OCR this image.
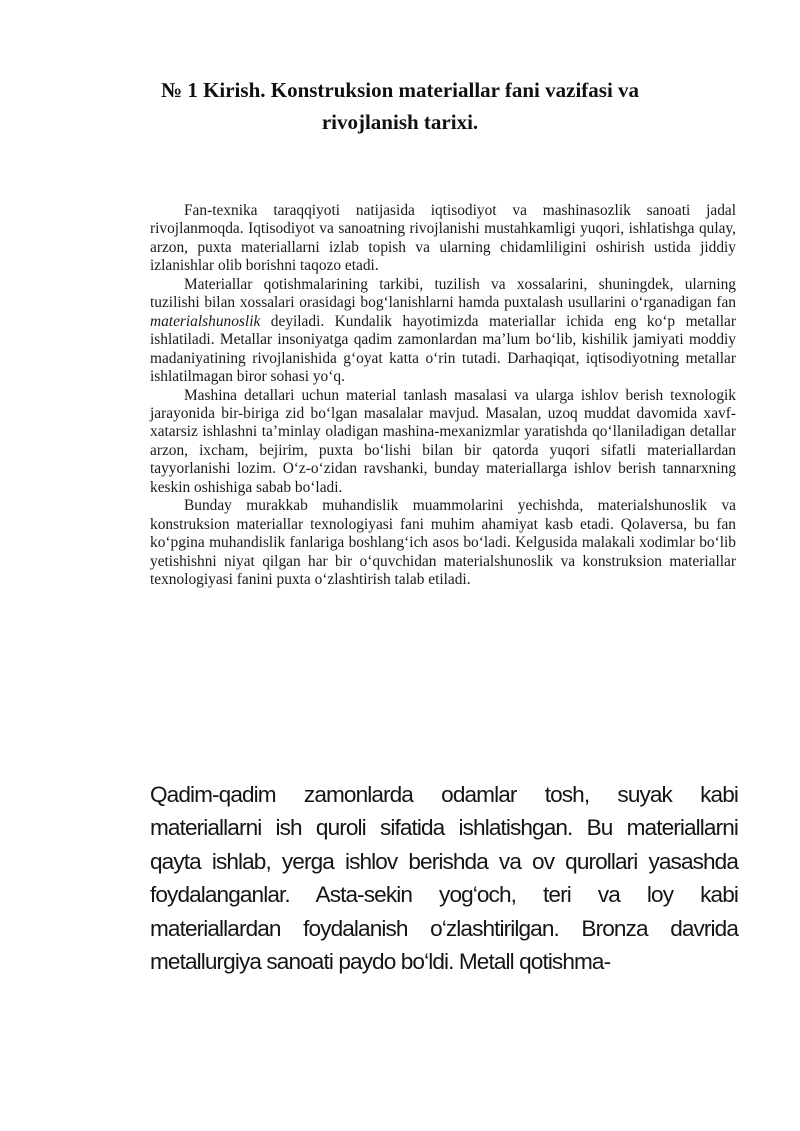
№ 1 Kirish. Konstruksion materiallar fani vazifasi va
rivojlanish tarixi.

Fan-texnika taraqqiyoti natijasida iqtisodiyot va mashinasozlik sanoati jadal rivojlanmoqda. Iqtisodiyot va sanoatning rivojlanishi mustahkamligi yuqori, ishlatishga qulay, arzon, puxta materiallarni izlab topish va ularning chidamliligini oshirish ustida jiddiy izlanishlar olib borishni taqozo etadi.

Materiallar qotishmalarining tarkibi, tuzilish va xossalarini, shuningdek, ularning tuzilishi bilan xossalari orasidagi bog‘lanishlarni hamda puxtalash usullarini o‘rganadigan fan materialshunoslik deyiladi. Kundalik hayotimizda materiallar ichida eng ko‘p metallar ishlatiladi. Metallar insoniyatga qadim zamonlardan ma’lum bo‘lib, kishilik jamiyati moddiy madaniyatining rivojlanishida g‘oyat katta o‘rin tutadi. Darhaqiqat, iqtisodiyotning metallar ishlatilmagan biror sohasi yo‘q.

Mashina detallari uchun material tanlash masalasi va ularga ishlov berish texnologik jarayonida bir-biriga zid bo‘lgan masalalar mavjud. Masalan, uzoq muddat davomida xavf-xatarsiz ishlashni ta’minlay oladigan mashina-mexanizmlar yaratishda qo‘llaniladigan detallar arzon, ixcham, bejirim, puxta bo‘lishi bilan bir qatorda yuqori sifatli materiallardan tayyorlanishi lozim. O‘z-o‘zidan ravshanki, bunday materiallarga ishlov berish tannarxning keskin oshishiga sabab bo‘ladi.

Bunday murakkab muhandislik muammolarini yechishda, materialshunoslik va konstruksion materiallar texnologiyasi fani muhim ahamiyat kasb etadi. Qolaversa, bu fan ko‘pgina muhandislik fanlariga boshlang‘ich asos bo‘ladi. Kelgusida malakali xodimlar bo‘lib yetishishni niyat qilgan har bir o‘quvchidan materialshunoslik va konstruksion materiallar texnologiyasi fanini puxta o‘zlashtirish talab etiladi.

Qadim-qadim zamonlarda odamlar tosh, suyak kabi materiallarni ish quroli sifatida ishlatishgan. Bu materiallarni qayta ishlab, yerga ishlov berishda va ov qurollari yasashda foydalanganlar. Asta-sekin yog‘och, teri va loy kabi materiallardan foydalanish o‘zlashtirilgan. Bronza davrida metallurgiya sanoati paydo bo‘ldi. Metall qotishma-
